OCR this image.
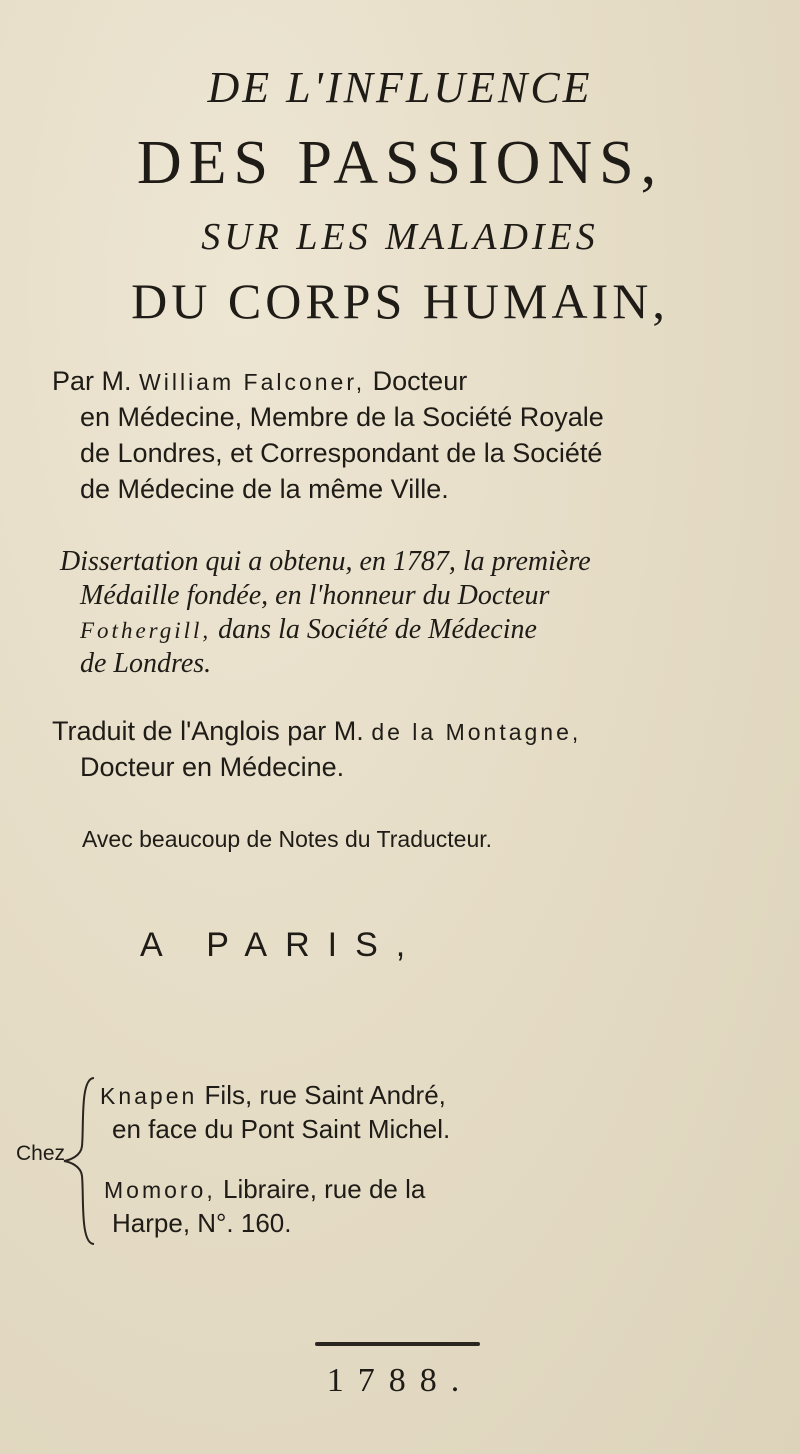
DE L'INFLUENCE
DES PASSIONS,
SUR LES MALADIES
DU CORPS HUMAIN,
Par M. William Falconer, Docteur
en Médecine, Membre de la Société Royale
de Londres, et Correspondant de la Société
de Médecine de la même Ville.
Dissertation qui a obtenu, en 1787, la première
Médaille fondée, en l'honneur du Docteur
Fothergill, dans la Société de Médecine
de Londres.
Traduit de l'Anglois par M. de la Montagne,
Docteur en Médecine.
Avec beaucoup de Notes du Traducteur.
A PARIS,
Chez
Knapen Fils, rue Saint André,
en face du Pont Saint Michel.
Momoro, Libraire, rue de la
Harpe, N°. 160.
1788.
